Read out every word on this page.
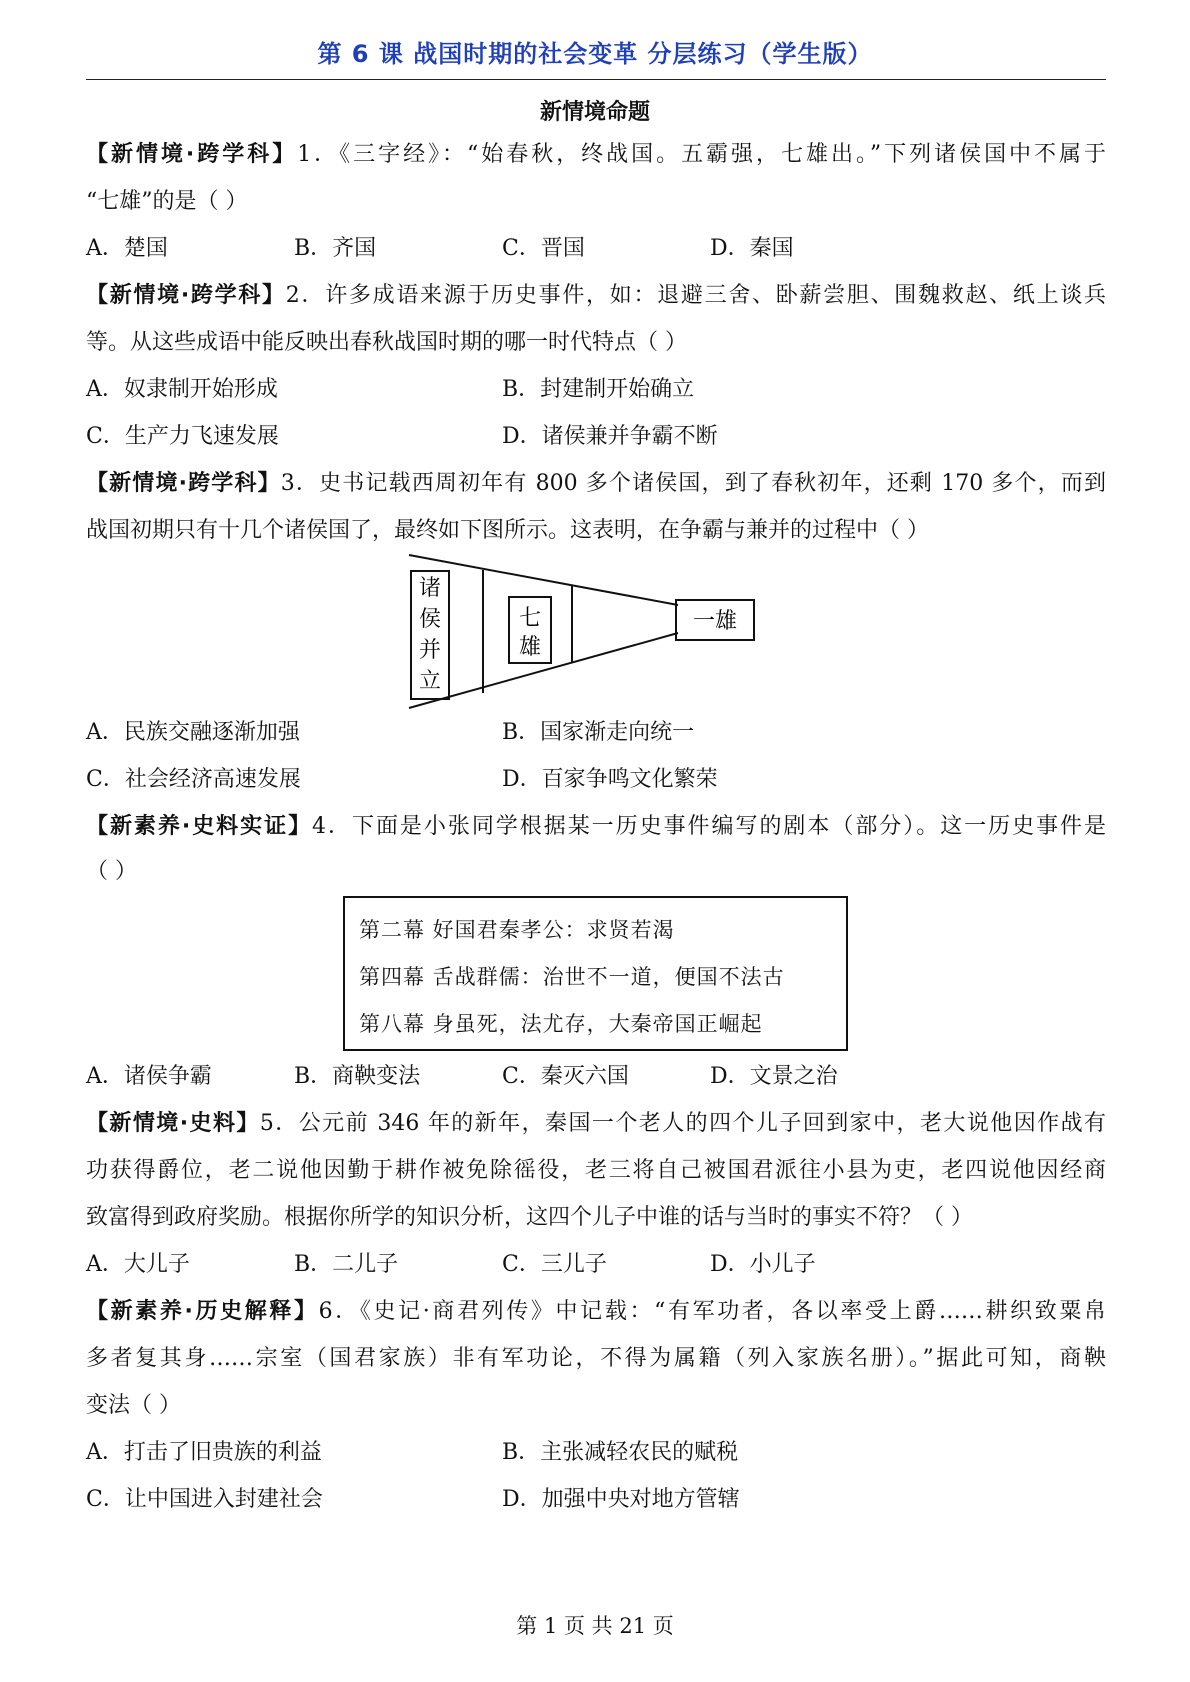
第 6 课 战国时期的社会变革 分层练习（学生版）
新情境命题
【新情境·跨学科】1．《三字经》：“始春秋，终战国。五霸强，七雄出。”下列诸侯国中不属于
“七雄”的是（ ）
A．楚国	B．齐国	C．晋国	D．秦国
【新情境·跨学科】2．许多成语来源于历史事件，如：退避三舍、卧薪尝胆、围魏救赵、纸上谈兵
等。从这些成语中能反映出春秋战国时期的哪一时代特点（ ）
A．奴隶制开始形成	B．封建制开始确立
C．生产力飞速发展	D．诸侯兼并争霸不断
【新情境·跨学科】3．史书记载西周初年有 800 多个诸侯国，到了春秋初年，还剩 170 多个，而到
战国初期只有十几个诸侯国了，最终如下图所示。这表明，在争霸与兼并的过程中（ ）
诸
侯
并
立
七
雄
一雄
A．民族交融逐渐加强	B．国家渐走向统一
C．社会经济高速发展	D．百家争鸣文化繁荣
【新素养·史料实证】4．下面是小张同学根据某一历史事件编写的剧本（部分）。这一历史事件是
（ ）
第二幕 好国君秦孝公：求贤若渴
第四幕 舌战群儒：治世不一道，便国不法古
第八幕 身虽死，法尤存，大秦帝国正崛起
A．诸侯争霸	B．商鞅变法	C．秦灭六国	D．文景之治
【新情境·史料】5．公元前 346 年的新年，秦国一个老人的四个儿子回到家中，老大说他因作战有
功获得爵位，老二说他因勤于耕作被免除徭役，老三将自己被国君派往小县为吏，老四说他因经商
致富得到政府奖励。根据你所学的知识分析，这四个儿子中谁的话与当时的事实不符？（ ）
A．大儿子	B．二儿子	C．三儿子	D．小儿子
【新素养·历史解释】6．《史记·商君列传》中记载：“有军功者，各以率受上爵……耕织致粟帛
多者复其身……宗室（国君家族）非有军功论，不得为属籍（列入家族名册）。”据此可知，商鞅
变法（ ）
A．打击了旧贵族的利益	B．主张减轻农民的赋税
C．让中国进入封建社会	D．加强中央对地方管辖
第 1 页 共 21 页
